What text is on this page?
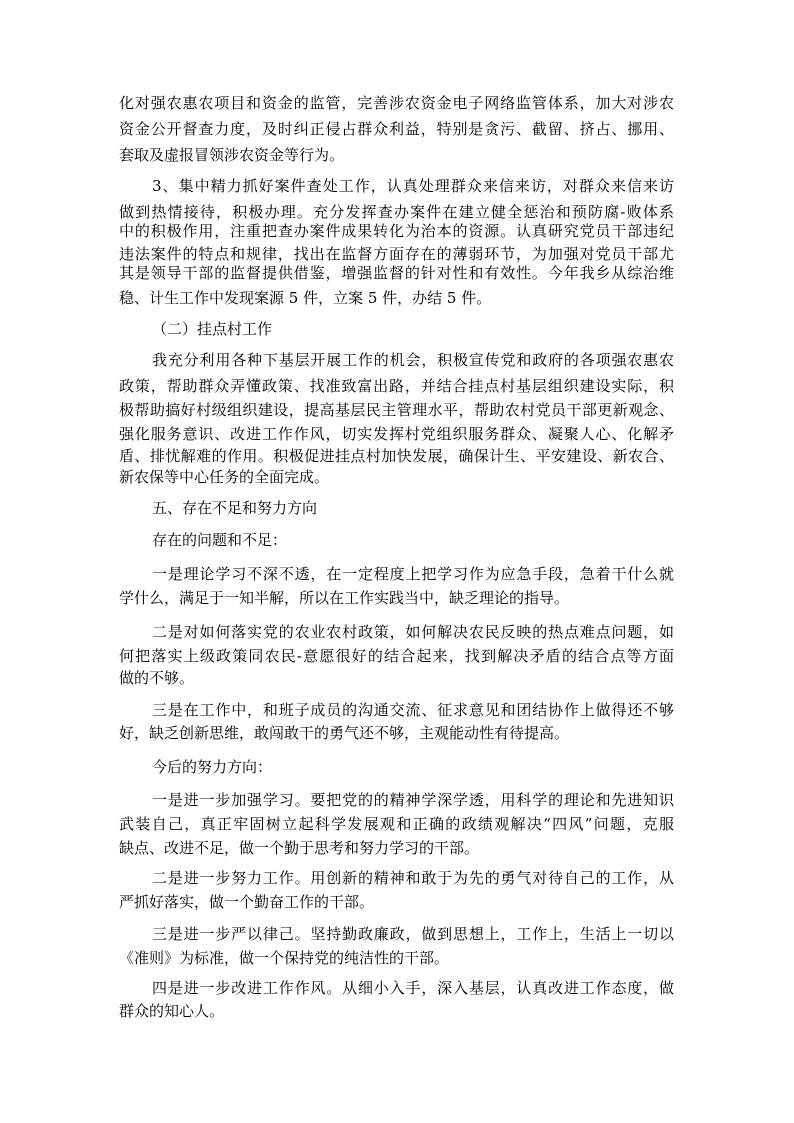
化对强农惠农项目和资金的监管，完善涉农资金电子网络监管体系，加大对涉农
资金公开督查力度，及时纠正侵占群众利益，特别是贪污、截留、挤占、挪用、
套取及虚报冒领涉农资金等行为。
3、集中精力抓好案件查处工作，认真处理群众来信来访，对群众来信来访
做到热情接待，积极办理。充分发挥查办案件在建立健全惩治和预防腐-败体系
中的积极作用，注重把查办案件成果转化为治本的资源。认真研究党员干部违纪
违法案件的特点和规律，找出在监督方面存在的薄弱环节，为加强对党员干部尤
其是领导干部的监督提供借鉴，增强监督的针对性和有效性。今年我乡从综治维
稳、计生工作中发现案源 5 件，立案 5 件，办结 5 件。
（二）挂点村工作
我充分利用各种下基层开展工作的机会，积极宣传党和政府的各项强农惠农
政策，帮助群众弄懂政策、找准致富出路，并结合挂点村基层组织建设实际，积
极帮助搞好村级组织建设，提高基层民主管理水平，帮助农村党员干部更新观念、
强化服务意识、改进工作作风，切实发挥村党组织服务群众、凝聚人心、化解矛
盾、排忧解难的作用。积极促进挂点村加快发展，确保计生、平安建设、新农合、
新农保等中心任务的全面完成。
五、存在不足和努力方向
存在的问题和不足：
一是理论学习不深不透，在一定程度上把学习作为应急手段，急着干什么就
学什么，满足于一知半解，所以在工作实践当中，缺乏理论的指导。
二是对如何落实党的农业农村政策，如何解决农民反映的热点难点问题，如
何把落实上级政策同农民-意愿很好的结合起来，找到解决矛盾的结合点等方面
做的不够。
三是在工作中，和班子成员的沟通交流、征求意见和团结协作上做得还不够
好，缺乏创新思维，敢闯敢干的勇气还不够，主观能动性有待提高。
今后的努力方向：
一是进一步加强学习。要把党的的精神学深学透，用科学的理论和先进知识
武装自己，真正牢固树立起科学发展观和正确的政绩观解决“四风”问题，克服
缺点、改进不足，做一个勤于思考和努力学习的干部。
二是进一步努力工作。用创新的精神和敢于为先的勇气对待自己的工作，从
严抓好落实，做一个勤奋工作的干部。
三是进一步严以律己。坚持勤政廉政，做到思想上，工作上，生活上一切以
《准则》为标准，做一个保持党的纯洁性的干部。
四是进一步改进工作作风。从细小入手，深入基层，认真改进工作态度，做
群众的知心人。
